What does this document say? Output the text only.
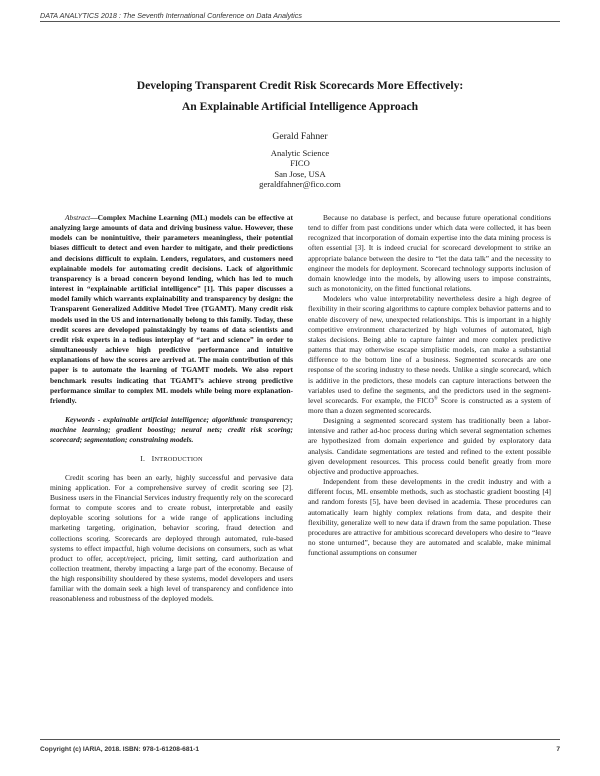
DATA ANALYTICS 2018 : The Seventh International Conference on Data Analytics
Developing Transparent Credit Risk Scorecards More Effectively:
An Explainable Artificial Intelligence Approach
Gerald Fahner
Analytic Science
FICO
San Jose, USA
geraldfahner@fico.com

Abstract—Complex Machine Learning (ML) models can be effective at analyzing large amounts of data and driving business value. However, these models can be nonintuitive, their parameters meaningless, their potential biases difficult to detect and even harder to mitigate, and their predictions and decisions difficult to explain. Lenders, regulators, and customers need explainable models for automating credit decisions. Lack of algorithmic transparency is a broad concern beyond lending, which has led to much interest in “explainable artificial intelligence” [1]. This paper discusses a model family which warrants explainability and transparency by design: the Transparent Generalized Additive Model Tree (TGAMT). Many credit risk models used in the US and internationally belong to this family. Today, these credit scores are developed painstakingly by teams of data scientists and credit risk experts in a tedious interplay of “art and science” in order to simultaneously achieve high predictive performance and intuitive explanations of how the scores are arrived at. The main contribution of this paper is to automate the learning of TGAMT models. We also report benchmark results indicating that TGAMT’s achieve strong predictive performance similar to complex ML models while being more explanation-friendly.

Keywords - explainable artificial intelligence; algorithmic transparency; machine learning; gradient boosting; neural nets; credit risk scoring; scorecard; segmentation; constraining models.

I. INTRODUCTION

Credit scoring has been an early, highly successful and pervasive data mining application. For a comprehensive survey of credit scoring see [2]. Business users in the Financial Services industry frequently rely on the scorecard format to compute scores and to create robust, interpretable and easily deployable scoring solutions for a wide range of applications including marketing targeting, origination, behavior scoring, fraud detection and collections scoring. Scorecards are deployed through automated, rule-based systems to effect impactful, high volume decisions on consumers, such as what product to offer, accept/reject, pricing, limit setting, card authorization and collection treatment, thereby impacting a large part of the economy. Because of the high responsibility shouldered by these systems, model developers and users familiar with the domain seek a high level of transparency and confidence into reasonableness and robustness of the deployed models.

Because no database is perfect, and because future operational conditions tend to differ from past conditions under which data were collected, it has been recognized that incorporation of domain expertise into the data mining process is often essential [3]. It is indeed crucial for scorecard development to strike an appropriate balance between the desire to “let the data talk” and the necessity to engineer the models for deployment. Scorecard technology supports inclusion of domain knowledge into the models, by allowing users to impose constraints, such as monotonicity, on the fitted functional relations.

Modelers who value interpretability nevertheless desire a high degree of flexibility in their scoring algorithms to capture complex behavior patterns and to enable discovery of new, unexpected relationships. This is important in a highly competitive environment characterized by high volumes of automated, high stakes decisions. Being able to capture fainter and more complex predictive patterns that may otherwise escape simplistic models, can make a substantial difference to the bottom line of a business. Segmented scorecards are one response of the scoring industry to these needs. Unlike a single scorecard, which is additive in the predictors, these models can capture interactions between the variables used to define the segments, and the predictors used in the segment-level scorecards. For example, the FICO® Score is constructed as a system of more than a dozen segmented scorecards.

Designing a segmented scorecard system has traditionally been a labor-intensive and rather ad-hoc process during which several segmentation schemes are hypothesized from domain experience and guided by exploratory data analysis. Candidate segmentations are tested and refined to the extent possible given development resources. This process could benefit greatly from more objective and productive approaches.

Independent from these developments in the credit industry and with a different focus, ML ensemble methods, such as stochastic gradient boosting [4] and random forests [5], have been devised in academia. These procedures can automatically learn highly complex relations from data, and despite their flexibility, generalize well to new data if drawn from the same population. These procedures are attractive for ambitious scorecard developers who desire to “leave no stone unturned”, because they are automated and scalable, make minimal functional assumptions on consumer

Copyright (c) IARIA, 2018. ISBN: 978-1-61208-681-1	7
